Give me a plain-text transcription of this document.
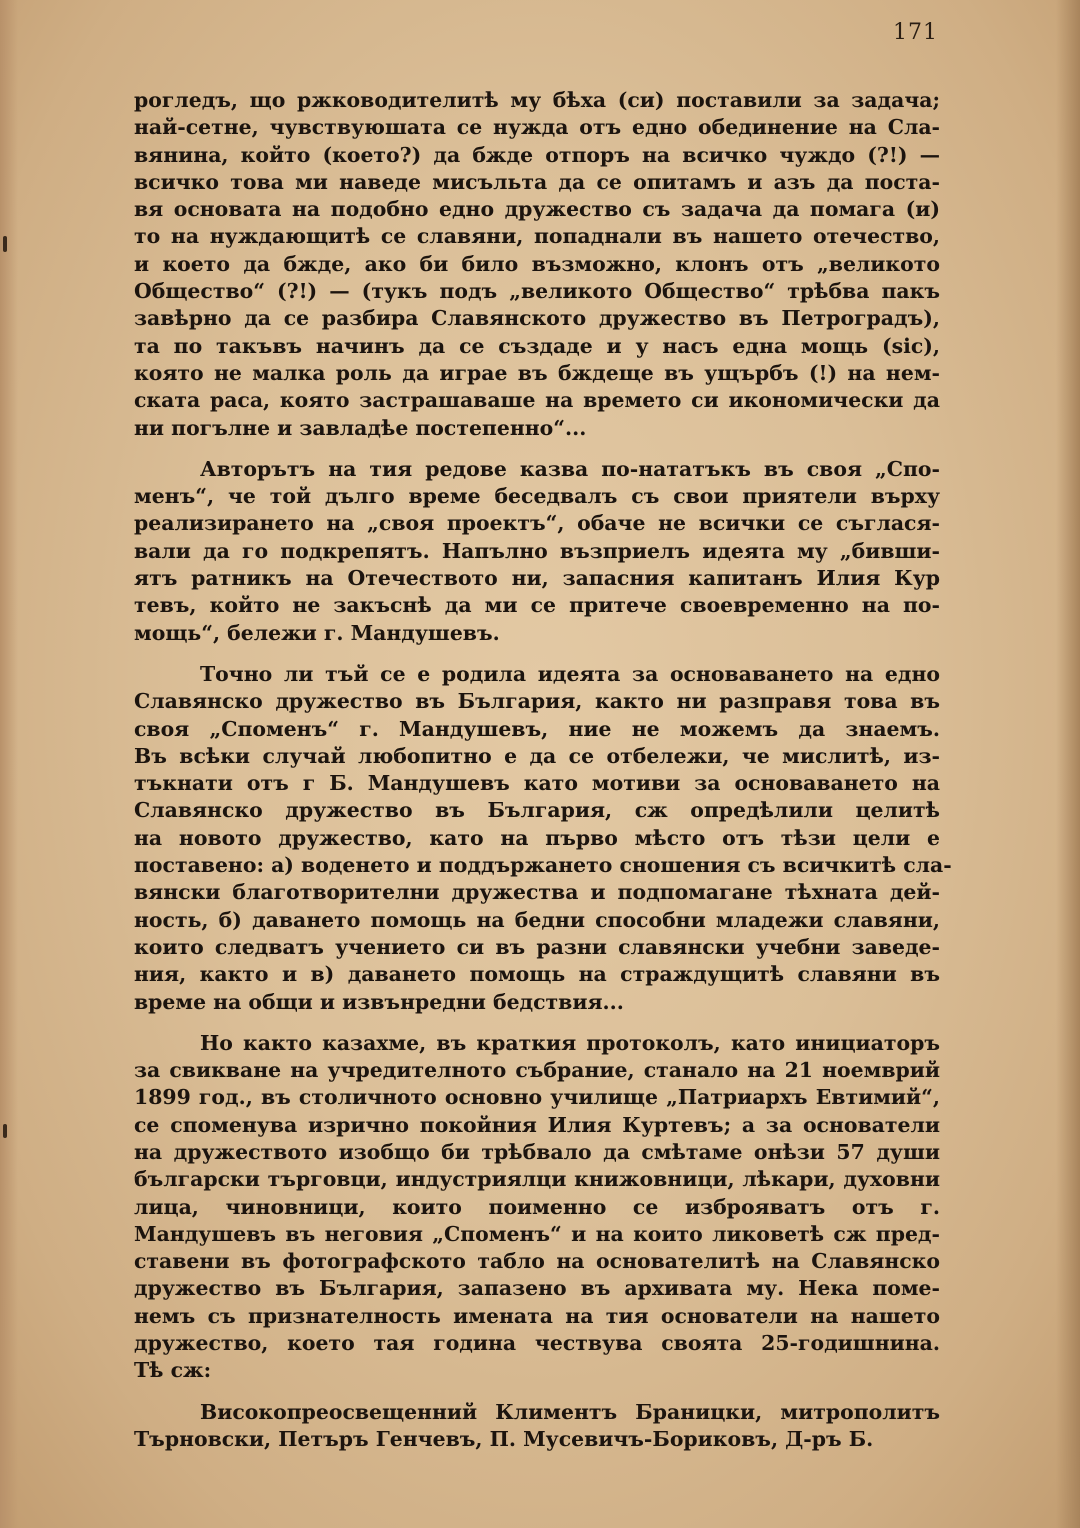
171
рогледъ, що ржководителитѣ му бѣха (си) поставили за задача;
най-сетне, чувствуюшата се нужда отъ едно обединение на Сла-
вянина, който (което?) да бжде отпоръ на всичко чуждо (?!) —
всичко това ми наведе мисъльта да се опитамъ и азъ да поста-
вя основата на подобно едно дружество съ задача да помага (и)
то на нуждающитѣ се славяни, попаднали въ нашето отечество,
и което да бжде, ако би било възможно, клонъ отъ „великото
Общество“ (?!) — (тукъ подъ „великото Общество“ трѣбва пакъ
завѣрно да се разбира Славянското дружество въ Петроградъ),
та по такъвъ начинъ да се създаде и у насъ една мощь (sic),
която не малка роль да играе въ бждеще въ ущърбъ (!) на нем-
ската раса, която застрашаваше на времето си икономически да
ни погълне и завладѣе постепенно“...
Авторътъ на тия редове казва по-нататъкъ въ своя „Спо-
менъ“, че той дълго време беседвалъ съ свои приятели върху
реализирането на „своя проектъ“, обаче не всички се съглася-
вали да го подкрепятъ. Напълно възприелъ идеята му „бивши-
ятъ ратникъ на Отечеството ни, запасния капитанъ Илия Кур
тевъ, който не закъснѣ да ми се притече своевременно на по-
мощь“, бележи г. Мандушевъ.
Точно ли тъй се е родила идеята за основаването на едно
Славянско дружество въ България, както ни разправя това въ
своя „Споменъ“ г. Мандушевъ, ние не можемъ да знаемъ.
Въ всѣки случай любопитно е да се отбележи, че мислитѣ, из-
тъкнати отъ г Б. Мандушевъ като мотиви за основаването на
Славянско дружество въ България, сж опредѣлили целитѣ
на новото дружество, като на първо мѣсто отъ тѣзи цели е
поставено: а) воденето и поддържането сношения съ всичкитѣ сла-
вянски благотворителни дружества и подпомагане тѣхната дей-
ность, б) даването помощь на бедни способни младежи славяни,
които следватъ учението си въ разни славянски учебни заведе-
ния, както и в) даването помощь на страждущитѣ славяни въ
време на общи и извънредни бедствия...
Но както казахме, въ краткия протоколъ, като инициаторъ
за свикване на учредителното събрание, станало на 21 ноемврий
1899 год., въ столичното основно училище „Патриархъ Евтимий“,
се споменува изрично покойния Илия Куртевъ; а за основатели
на дружеството изобщо би трѣбвало да смѣтаме онѣзи 57 души
български търговци, индустриялци книжовници, лѣкари, духовни
лица, чиновници, които поименно се изброяватъ отъ г.
Мандушевъ въ неговия „Споменъ“ и на които ликоветѣ сж пред-
ставени въ фотографското табло на основателитѣ на Славянско
дружество въ България, запазено въ архивата му. Нека поме-
немъ съ признателность имената на тия основатели на нашето
дружество, което тая година чествува своята 25-годишнина.
Тѣ сж:
Високопреосвещенний Климентъ Браницки, митрополитъ
Търновски, Петъръ Генчевъ, П. Мусевичъ-Бориковъ, Д-ръ Б.
